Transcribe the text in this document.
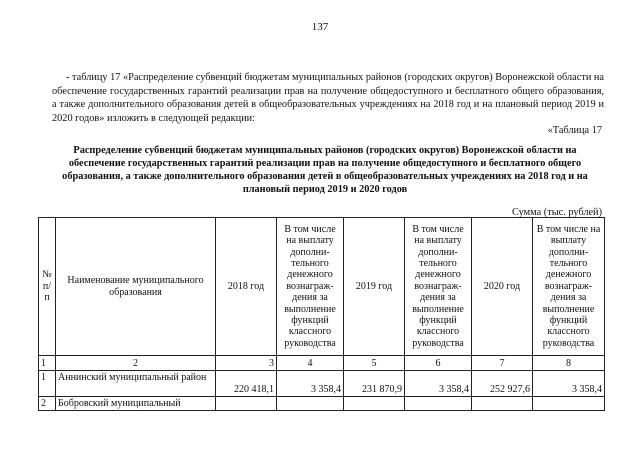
137
- таблицу 17 «Распределение субвенций бюджетам муниципальных районов (городских округов) Воронежской области на обеспечение государственных гарантий реализации прав на получение общедоступного и бесплатного общего образования, а также дополнительного образования детей в общеобразовательных учреждениях на 2018 год и на плановый период 2019 и 2020 годов» изложить в следующей редакции:
«Таблица 17
Распределение субвенций бюджетам муниципальных районов (городских округов) Воронежской области на обеспечение государственных гарантий реализации прав на получение общедоступного и бесплатного общего образования, а также дополнительного образования детей в общеобразовательных учреждениях на 2018 год и на плановый период 2019 и 2020 годов
Сумма (тыс. рублей)
№ п/п	Наименование муниципального образования	2018 год	В том числе на выплату дополни-тельного денежного вознаграж-дения за выполнение функций классного руководства	2019 год	В том числе на выплату дополни-тельного денежного вознаграж-дения за выполнение функций классного руководства	2020 год	В том числе на выплату дополни-тельного денежного вознаграж-дения за выполнение функций классного руководства
1	2	3	4	5	6	7	8
1	Аннинский муниципальный район	220 418,1	3 358,4	231 870,9	3 358,4	252 927,6	3 358,4
2	Бобровский муниципальный						
